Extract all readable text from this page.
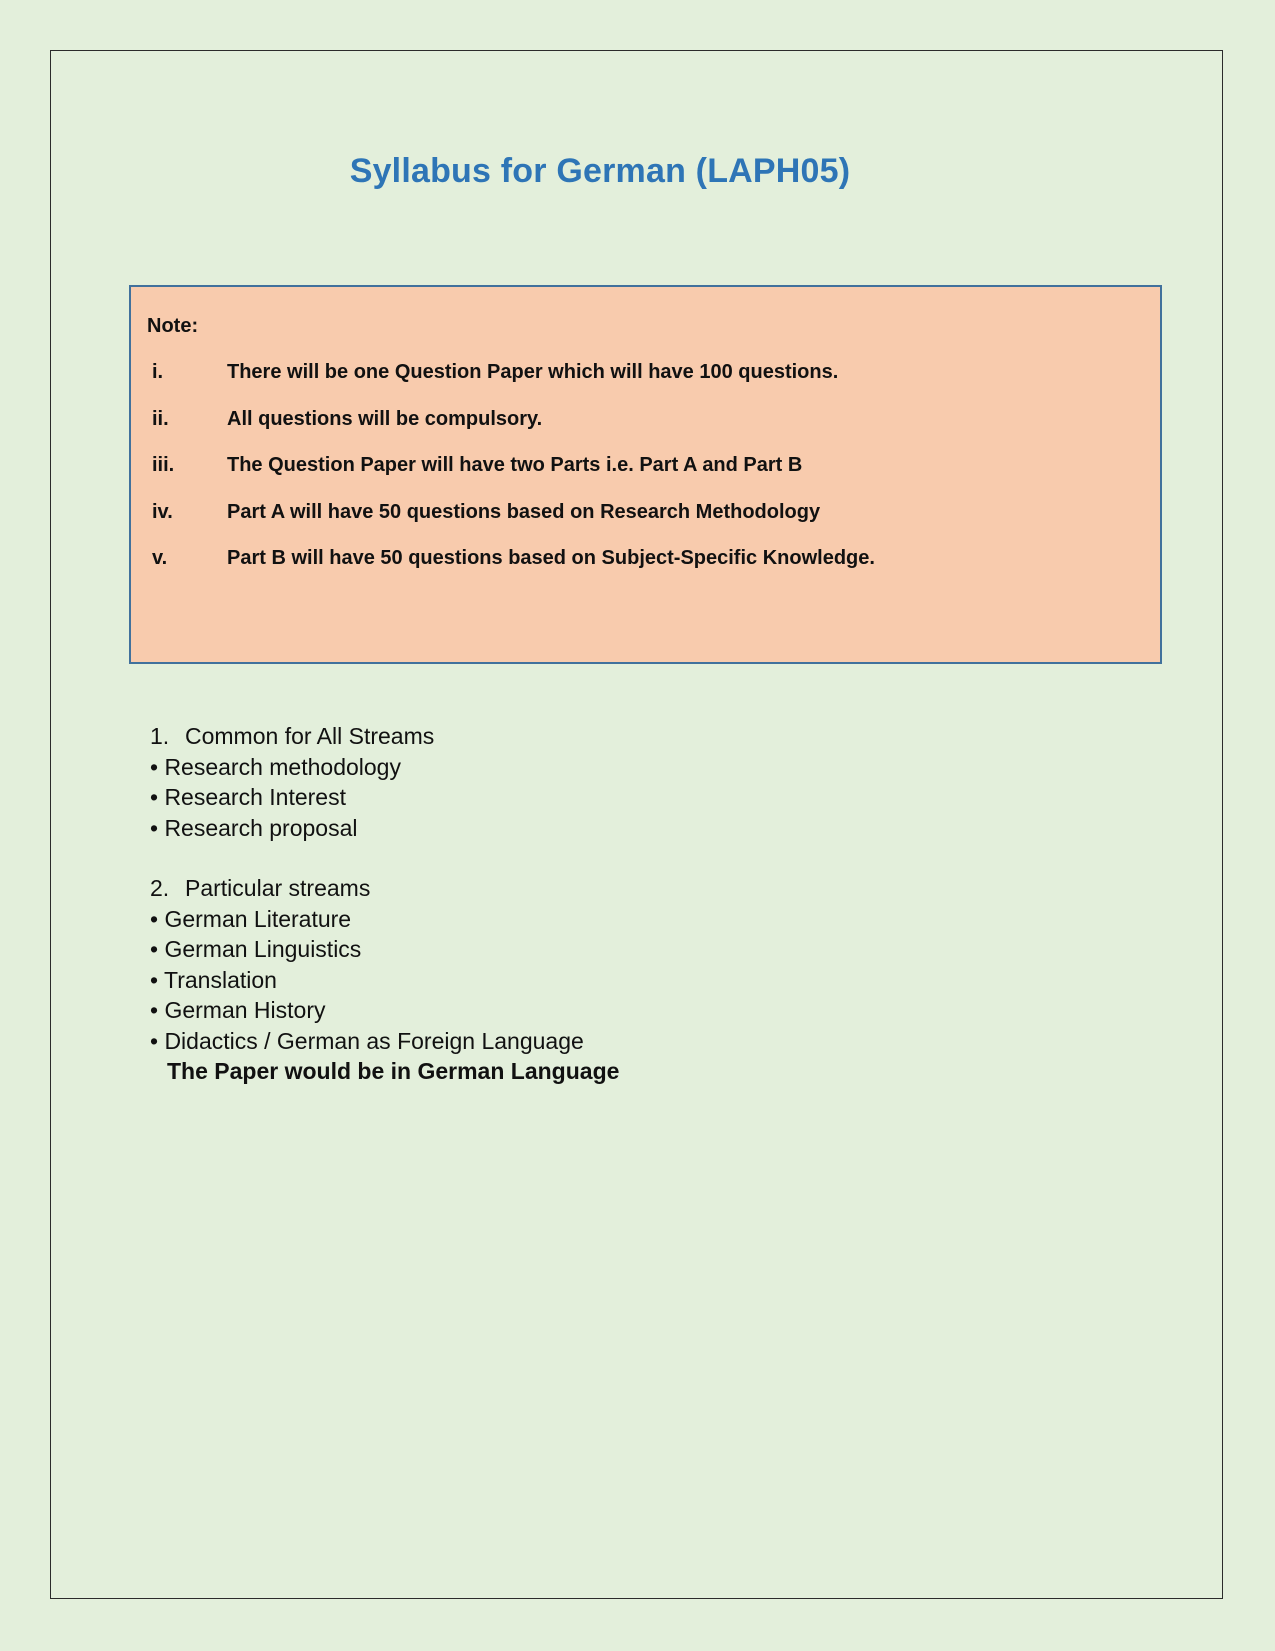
Syllabus for German (LAPH05)

Note:

i.	There will be one Question Paper which will have 100 questions.
ii.	All questions will be compulsory.
iii.	The Question Paper will have two Parts i.e. Part A and Part B
iv.	Part A will have 50 questions based on Research Methodology
v.	Part B will have 50 questions based on Subject-Specific Knowledge.
1. Common for All Streams
• Research methodology
• Research Interest
• Research proposal
2. Particular streams
• German Literature
• German Linguistics
• Translation
• German History
• Didactics / German as Foreign Language
The Paper would be in German Language
